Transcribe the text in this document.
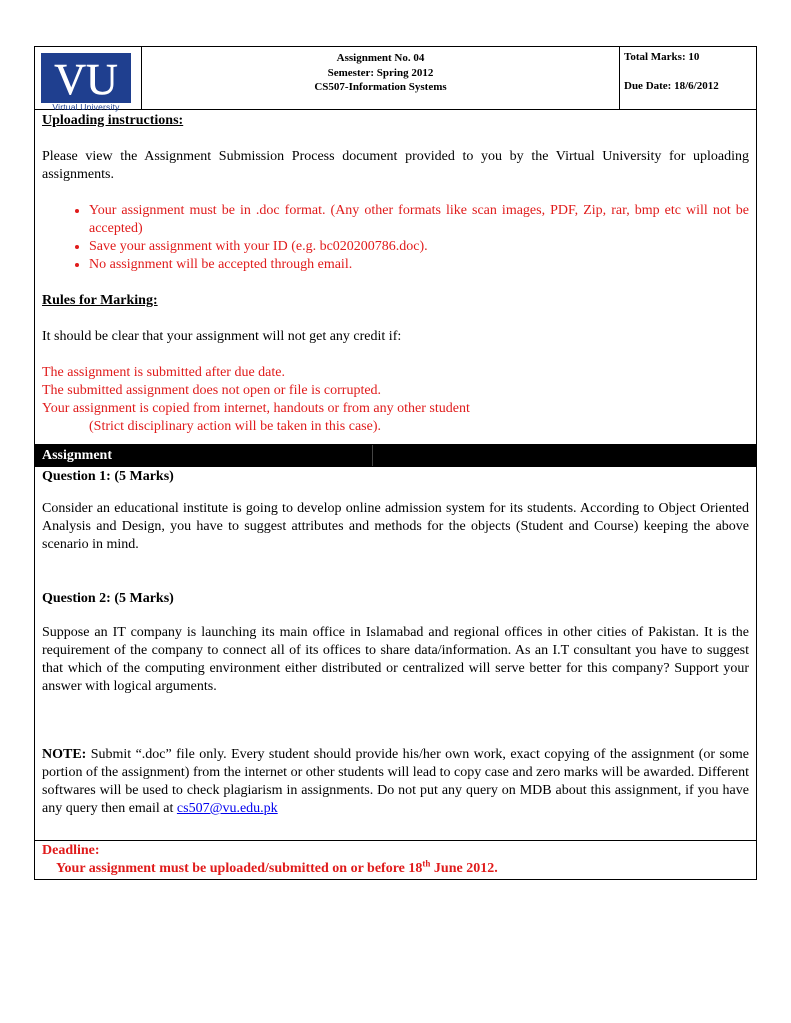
VU
Virtual University
Assignment No. 04
Semester: Spring 2012
CS507-Information Systems
Total Marks: 10
Due Date: 18/6/2012

Uploading instructions:

Please view the Assignment Submission Process document provided to you by the Virtual University for uploading assignments.

• Your assignment must be in .doc format. (Any other formats like scan images, PDF, Zip, rar, bmp etc will not be accepted)
• Save your assignment with your ID (e.g. bc020200786.doc).
• No assignment will be accepted through email.

Rules for Marking:

It should be clear that your assignment will not get any credit if:

The assignment is submitted after due date.

The submitted assignment does not open or file is corrupted.

Your assignment is copied from internet, handouts or from any other student

(Strict disciplinary action will be taken in this case).

Assignment

Question 1: (5 Marks)

Consider an educational institute is going to develop online admission system for its students. According to Object Oriented Analysis and Design, you have to suggest attributes and methods for the objects (Student and Course) keeping the above scenario in mind.

Question 2: (5 Marks)

Suppose an IT company is launching its main office in Islamabad and regional offices in other cities of Pakistan. It is the requirement of the company to connect all of its offices to share data/information. As an I.T consultant you have to suggest that which of the computing environment either distributed or centralized will serve better for this company? Support your answer with logical arguments.

NOTE: Submit “.doc” file only. Every student should provide his/her own work, exact copying of the assignment (or some portion of the assignment) from the internet or other students will lead to copy case and zero marks will be awarded. Different softwares will be used to check plagiarism in assignments. Do not put any query on MDB about this assignment, if you have any query then email at cs507@vu.edu.pk

Deadline:
Your assignment must be uploaded/submitted on or before 18th June 2012.
